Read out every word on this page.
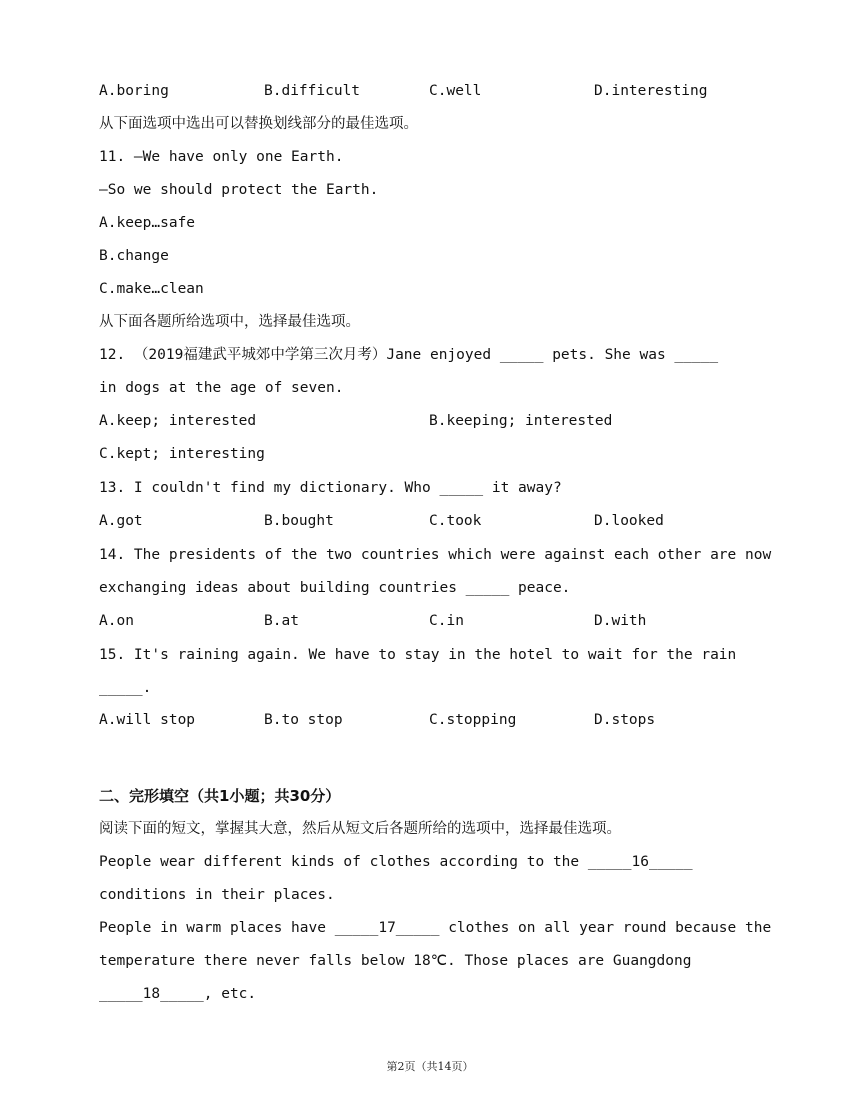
A.boring	B.difficult	C.well	D.interesting
从下面选项中选出可以替换划线部分的最佳选项。
11. —We have only one Earth.
—So we should protect the Earth.
A.keep…safe
B.change
C.make…clean
从下面各题所给选项中，选择最佳选项。
12. （2019福建武平城郊中学第三次月考）Jane enjoyed _____ pets. She was _____
in dogs at the age of seven.
A.keep; interested	B.keeping; interested
C.kept; interesting
13. I couldn't find my dictionary. Who _____ it away?
A.got	B.bought	C.took	D.looked
14. The presidents of the two countries which were against each other are now
exchanging ideas about building countries _____ peace.
A.on	B.at	C.in	D.with
15. It's raining again. We have to stay in the hotel to wait for the rain
_____.
A.will stop	B.to stop	C.stopping	D.stops
二、完形填空（共1小题；共30分）
阅读下面的短文，掌握其大意，然后从短文后各题所给的选项中，选择最佳选项。
People wear different kinds of clothes according to the _____16_____
conditions in their places.
People in warm places have _____17_____ clothes on all year round because the
temperature there never falls below 18℃. Those places are Guangdong
_____18_____, etc.
第2页（共14页）
